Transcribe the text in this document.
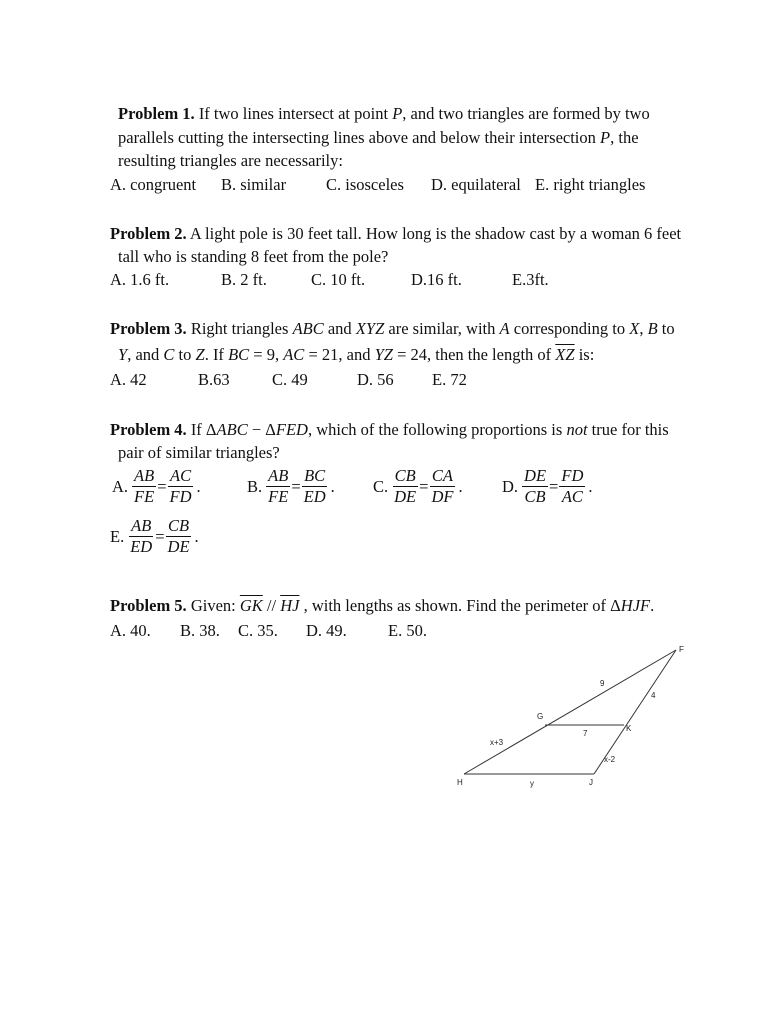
Problem 1. If two lines intersect at point P, and two triangles are formed by two
parallels cutting the intersecting lines above and below their intersection P, the
resulting triangles are necessarily:
A. congruent B. similar C. isosceles D. equilateral E. right triangles
Problem 2. A light pole is 30 feet tall. How long is the shadow cast by a woman 6 feet
tall who is standing 8 feet from the pole?
A. 1.6 ft.	B. 2 ft.	C. 10 ft.	D.16 ft.	E.3ft.
Problem 3. Right triangles ABC and XYZ are similar, with A corresponding to X, B to
Y, and C to Z. If BC = 9, AC = 21, and YZ = 24, then the length of $\overline{XZ}$ is:
A. 42	B.63	C. 49	D. 56 E. 72
Problem 4. If ΔABC − ΔFED, which of the following proportions is not true for this
pair of similar triangles?
A. $\frac{AB}{FE} = \frac{AC}{FD}$ .	B. $\frac{AB}{FE} = \frac{BC}{ED}$ . C. $\frac{CB}{DE} = \frac{CA}{DF}$ . D. $\frac{DE}{CB} = \frac{FD}{AC}$ .
E. $\frac{AB}{ED} = \frac{CB}{DE}$ .
Problem 5. Given: $\overline{GK} // \overline{HJ}$ , with lengths as shown. Find the perimeter of ΔHJF.
A. 40. B. 38. C. 35. D. 49. E. 50.
F
G
K
H	J
9
4
7
x+3
x-2
y
